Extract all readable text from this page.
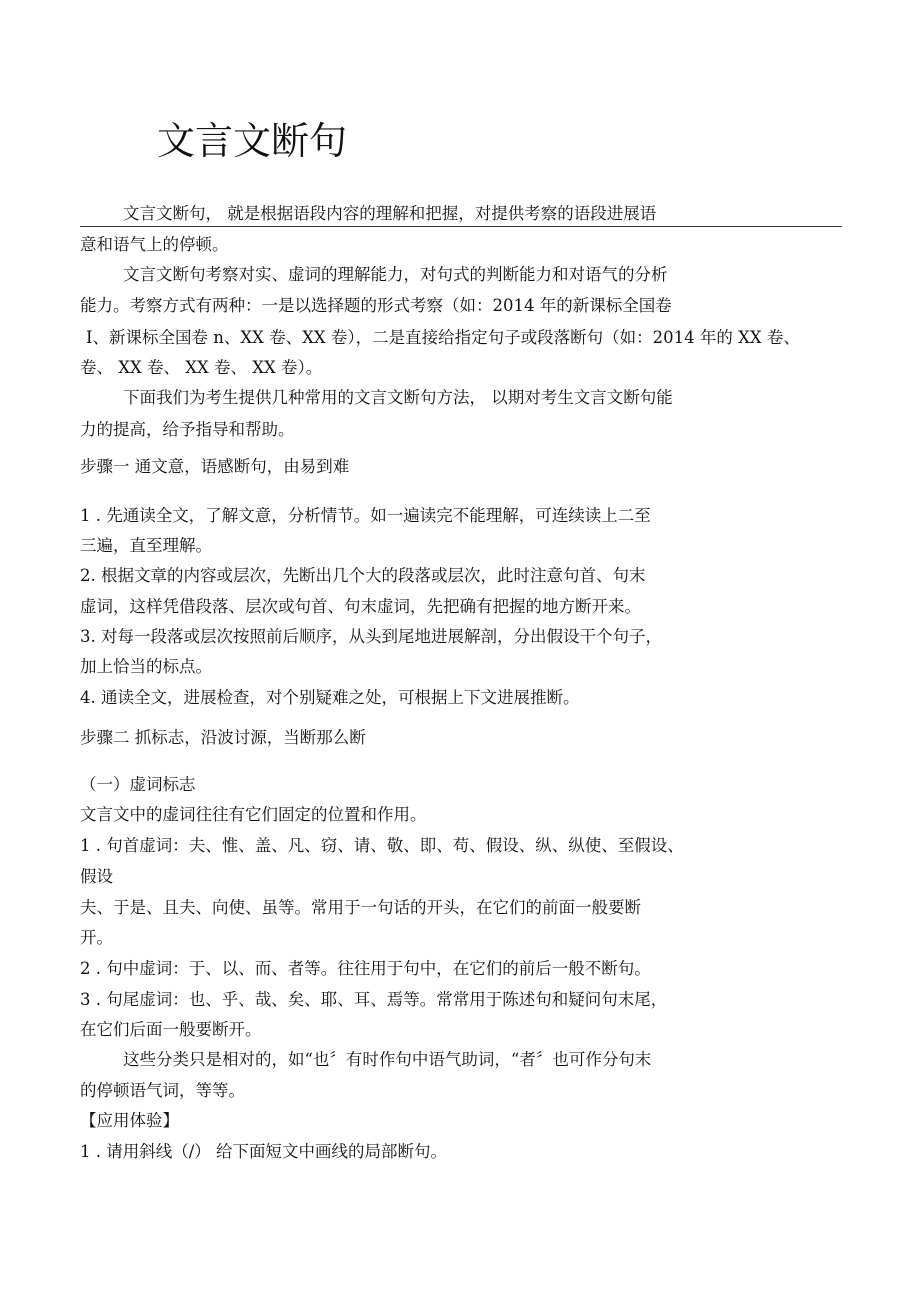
文言文断句
文言文断句， 就是根据语段内容的理解和把握，对提供考察的语段进展语
意和语气上的停顿。
文言文断句考察对实、虚词的理解能力，对句式的判断能力和对语气的分析
能力。考察方式有两种：一是以选择题的形式考察（如：2014 年的新课标全国卷
I、新课标全国卷 n、XX 卷、XX 卷），二是直接给指定句子或段落断句（如：2014 年的 XX 卷、
卷、 XX 卷、 XX 卷、 XX 卷）。
下面我们为考生提供几种常用的文言文断句方法， 以期对考生文言文断句能
力的提高，给予指导和帮助。
步骤一 通文意，语感断句，由易到难
1 . 先通读全文，了解文意，分析情节。如一遍读完不能理解，可连续读上二至
三遍，直至理解。
2. 根据文章的内容或层次，先断出几个大的段落或层次，此时注意句首、句末
虚词，这样凭借段落、层次或句首、句末虚词，先把确有把握的地方断开来。
3. 对每一段落或层次按照前后顺序，从头到尾地进展解剖，分出假设干个句子，
加上恰当的标点。
4. 通读全文，进展检查，对个别疑难之处，可根据上下文进展推断。
步骤二 抓标志，沿波讨源，当断那么断
（一）虚词标志
文言文中的虚词往往有它们固定的位置和作用。
1 . 句首虚词：夫、惟、盖、凡、窃、请、敬、即、苟、假设、纵、纵使、至假设、
假设
夫、于是、且夫、向使、虽等。常用于一句话的开头，在它们的前面一般要断
开。
2 . 句中虚词：于、以、而、者等。往往用于句中，在它们的前后一般不断句。
3 . 句尾虚词：也、乎、哉、矣、耶、耳、焉等。常常用于陈述句和疑问句末尾，
在它们后面一般要断开。
这些分类只是相对的，如“也〞有时作句中语气助词，“者〞也可作分句末
的停顿语气词，等等。
【应用体验】
1 . 请用斜线（/） 给下面短文中画线的局部断句。
